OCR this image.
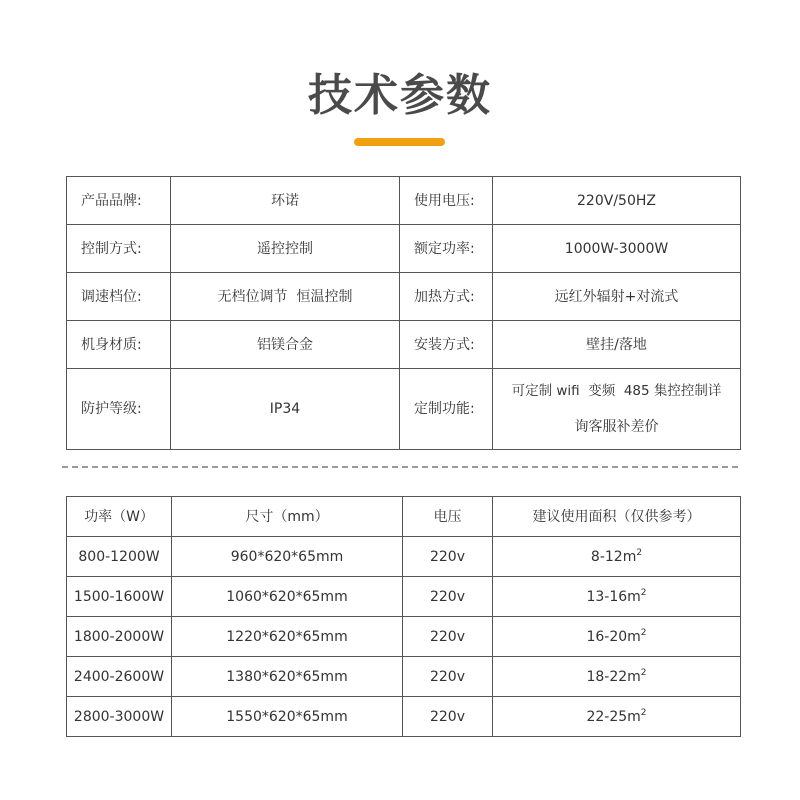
技术参数
产品品牌:	环诺	使用电压:	220V/50HZ
控制方式:	遥控控制	额定功率:	1000W-3000W
调速档位:	无档位调节  恒温控制	加热方式:	远红外辐射+对流式
机身材质:	铝镁合金	安装方式:	壁挂/落地
防护等级:	IP34	定制功能:	可定制 wifi  变频  485 集控控制详
询客服补差价
功率（W）	尺寸（mm）	电压	建议使用面积（仅供参考）
800-1200W	960*620*65mm	220v	$8-12m^2$
1500-1600W	1060*620*65mm	220v	$13-16m^2$
1800-2000W	1220*620*65mm	220v	$16-20m^2$
2400-2600W	1380*620*65mm	220v	$18-22m^2$
2800-3000W	1550*620*65mm	220v	$22-25m^2$
